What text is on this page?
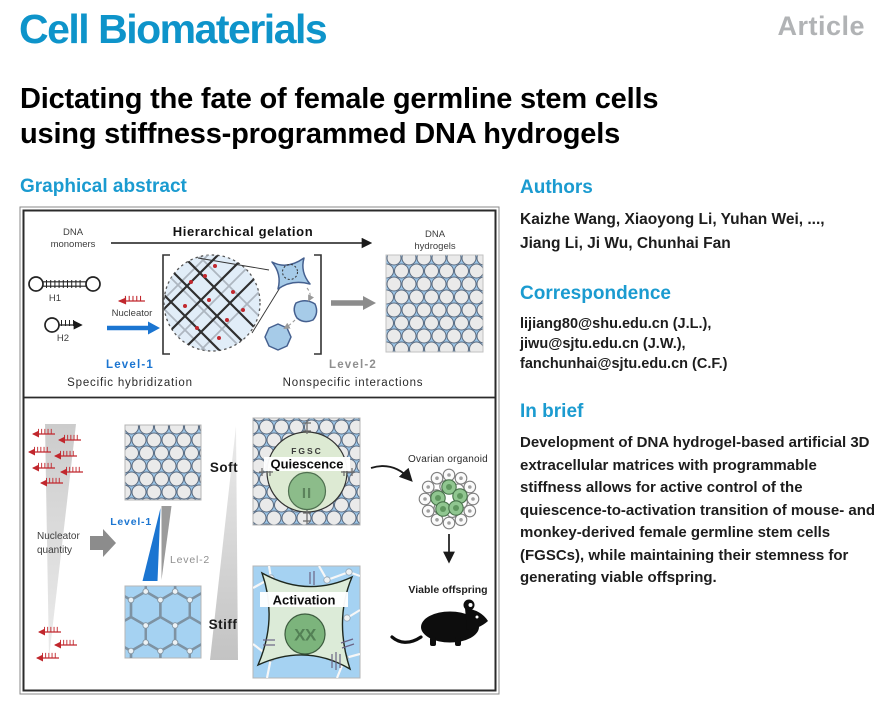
Cell Biomaterials	Article
Dictating the fate of female germline stem cells
using stiffness-programmed DNA hydrogels
Graphical abstract
DNA
monomers
Hierarchical gelation	DNA
hydrogels
H1
H2
Nucleator
Level-1
Specific hybridization
Level-2
Nonspecific interactions
Nucleator
quantity
Level-1
Level-2
Soft
Stiff
FGSC
Quiescence
II
Activation
XX
Ovarian organoid
Viable offspring
Authors
Kaizhe Wang, Xiaoyong Li, Yuhan Wei, ...,
Jiang Li, Ji Wu, Chunhai Fan
Correspondence
lijiang80@shu.edu.cn (J.L.),
jiwu@sjtu.edu.cn (J.W.),
fanchunhai@sjtu.edu.cn (C.F.)
In brief
Development of DNA hydrogel-based artificial 3D extracellular matrices with programmable stiffness allows for active control of the quiescence-to-activation transition of mouse- and monkey-derived female germline stem cells (FGSCs), while maintaining their stemness for generating viable offspring.
